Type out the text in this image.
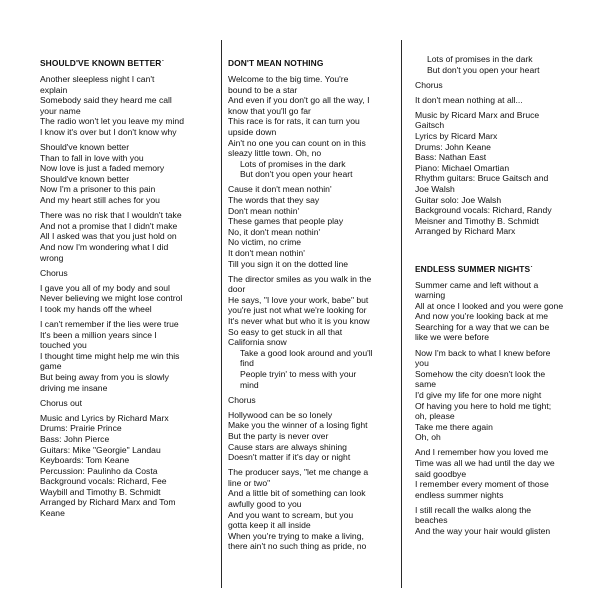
SHOULD'VE KNOWN BETTER˙
Another sleepless night I can't
explain
Somebody said they heard me call
your name
The radio won't let you leave my mind
I know it's over but I don't know why
Should've known better
Than to fall in love with you
Now love is just a faded memory
Should've known better
Now I'm a prisoner to this pain
And my heart still aches for you
There was no risk that I wouldn't take
And not a promise that I didn't make
All I asked was that you just hold on
And now I'm wondering what I did
wrong
Chorus
I gave you all of my body and soul
Never believing we might lose control
I took my hands off the wheel
I can't remember if the lies were true
It's been a million years since I
touched you
I thought time might help me win this
game
But being away from you is slowly
driving me insane
Chorus out
Music and Lyrics by Richard Marx
Drums: Prairie Prince
Bass: John Pierce
Guitars: Mike "Georgie" Landau
Keyboards: Tom Keane
Percussion: Paulinho da Costa
Background vocals: Richard, Fee
Waybill and Timothy B. Schmidt
Arranged by Richard Marx and Tom
Keane
DON'T MEAN NOTHING
Welcome to the big time. You're
bound to be a star
And even if you don't go all the way, I
know that you'll go far
This race is for rats, it can turn you
upside down
Ain't no one you can count on in this
sleazy little town. Oh, no
Lots of promises in the dark
But don't you open your heart
Cause it don't mean nothin'
The words that they say
Don't mean nothin'
These games that people play
No, it don't mean nothin'
No victim, no crime
It don't mean nothin'
Till you sign it on the dotted line
The director smiles as you walk in the
door
He says, "I love your work, babe" but
you're just not what we're looking for
It's never what but who it is you know
So easy to get stuck in all that
California snow
Take a good look around and you'll
find
People tryin' to mess with your
mind
Chorus
Hollywood can be so lonely
Make you the winner of a losing fight
But the party is never over
Cause stars are always shining
Doesn't matter if it's day or night
The producer says, "let me change a
line or two"
And a little bit of something can look
awfully good to you
And you want to scream, but you
gotta keep it all inside
When you're trying to make a living,
there ain't no such thing as pride, no
Lots of promises in the dark
But don't you open your heart
Chorus
It don't mean nothing at all...
Music by Ricard Marx and Bruce
Gaitsch
Lyrics by Ricard Marx
Drums: John Keane
Bass: Nathan East
Piano: Michael Omartian
Rhythm guitars: Bruce Gaitsch and
Joe Walsh
Guitar solo: Joe Walsh
Background vocals: Richard, Randy
Meisner and Timothy B. Schmidt
Arranged by Richard Marx
ENDLESS SUMMER NIGHTS˙
Summer came and left without a
warning
All at once I looked and you were gone
And now you're looking back at me
Searching for a way that we can be
like we were before
Now I'm back to what I knew before
you
Somehow the city doesn't look the
same
I'd give my life for one more night
Of having you here to hold me tight;
oh, please
Take me there again
Oh, oh
And I remember how you loved me
Time was all we had until the day we
said goodbye
I remember every moment of those
endless summer nights
I still recall the walks along the
beaches
And the way your hair would glisten
